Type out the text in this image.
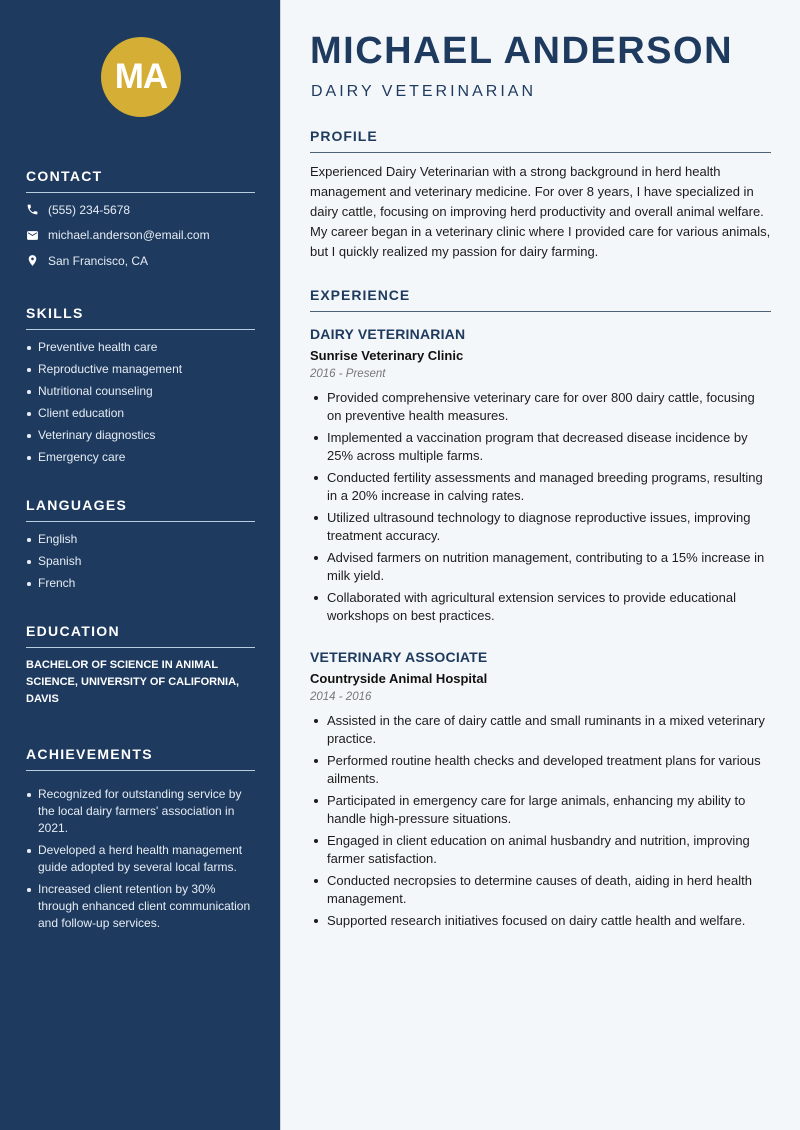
MA
CONTACT
(555) 234-5678
michael.anderson@email.com
San Francisco, CA
SKILLS
Preventive health care
Reproductive management
Nutritional counseling
Client education
Veterinary diagnostics
Emergency care
LANGUAGES
English
Spanish
French
EDUCATION
BACHELOR OF SCIENCE IN ANIMAL SCIENCE, UNIVERSITY OF CALIFORNIA, DAVIS
ACHIEVEMENTS
Recognized for outstanding service by the local dairy farmers' association in 2021.
Developed a herd health management guide adopted by several local farms.
Increased client retention by 30% through enhanced client communication and follow-up services.
MICHAEL ANDERSON
DAIRY VETERINARIAN
PROFILE

Experienced Dairy Veterinarian with a strong background in herd health management and veterinary medicine. For over 8 years, I have specialized in dairy cattle, focusing on improving herd productivity and overall animal welfare. My career began in a veterinary clinic where I provided care for various animals, but I quickly realized my passion for dairy farming.

EXPERIENCE
DAIRY VETERINARIAN
Sunrise Veterinary Clinic
2016 - Present
Provided comprehensive veterinary care for over 800 dairy cattle, focusing on preventive health measures.
Implemented a vaccination program that decreased disease incidence by 25% across multiple farms.
Conducted fertility assessments and managed breeding programs, resulting in a 20% increase in calving rates.
Utilized ultrasound technology to diagnose reproductive issues, improving treatment accuracy.
Advised farmers on nutrition management, contributing to a 15% increase in milk yield.
Collaborated with agricultural extension services to provide educational workshops on best practices.
VETERINARY ASSOCIATE
Countryside Animal Hospital
2014 - 2016
Assisted in the care of dairy cattle and small ruminants in a mixed veterinary practice.
Performed routine health checks and developed treatment plans for various ailments.
Participated in emergency care for large animals, enhancing my ability to handle high-pressure situations.
Engaged in client education on animal husbandry and nutrition, improving farmer satisfaction.
Conducted necropsies to determine causes of death, aiding in herd health management.
Supported research initiatives focused on dairy cattle health and welfare.
